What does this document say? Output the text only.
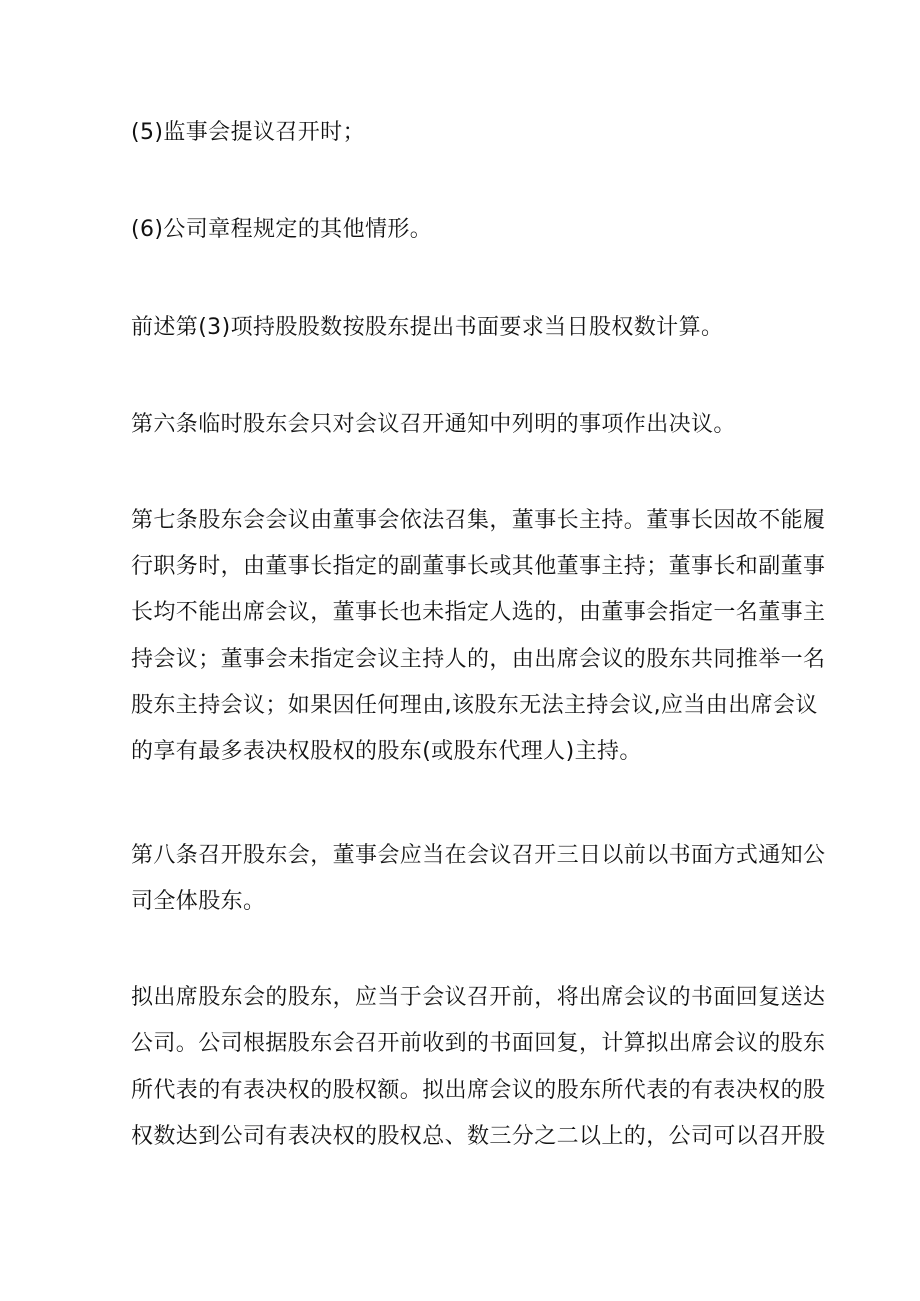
(5)监事会提议召开时；
(6)公司章程规定的其他情形。
前述第(3)项持股股数按股东提出书面要求当日股权数计算。
第六条临时股东会只对会议召开通知中列明的事项作出决议。
第七条股东会会议由董事会依法召集，董事长主持。董事长因故不能履
行职务时，由董事长指定的副董事长或其他董事主持；董事长和副董事
长均不能出席会议，董事长也未指定人选的，由董事会指定一名董事主
持会议；董事会未指定会议主持人的，由出席会议的股东共同推举一名
股东主持会议；如果因任何理由,该股东无法主持会议,应当由出席会议
的享有最多表决权股权的股东(或股东代理人)主持。
第八条召开股东会，董事会应当在会议召开三日以前以书面方式通知公
司全体股东。
拟出席股东会的股东，应当于会议召开前，将出席会议的书面回复送达
公司。公司根据股东会召开前收到的书面回复，计算拟出席会议的股东
所代表的有表决权的股权额。拟出席会议的股东所代表的有表决权的股
权数达到公司有表决权的股权总、数三分之二以上的，公司可以召开股
